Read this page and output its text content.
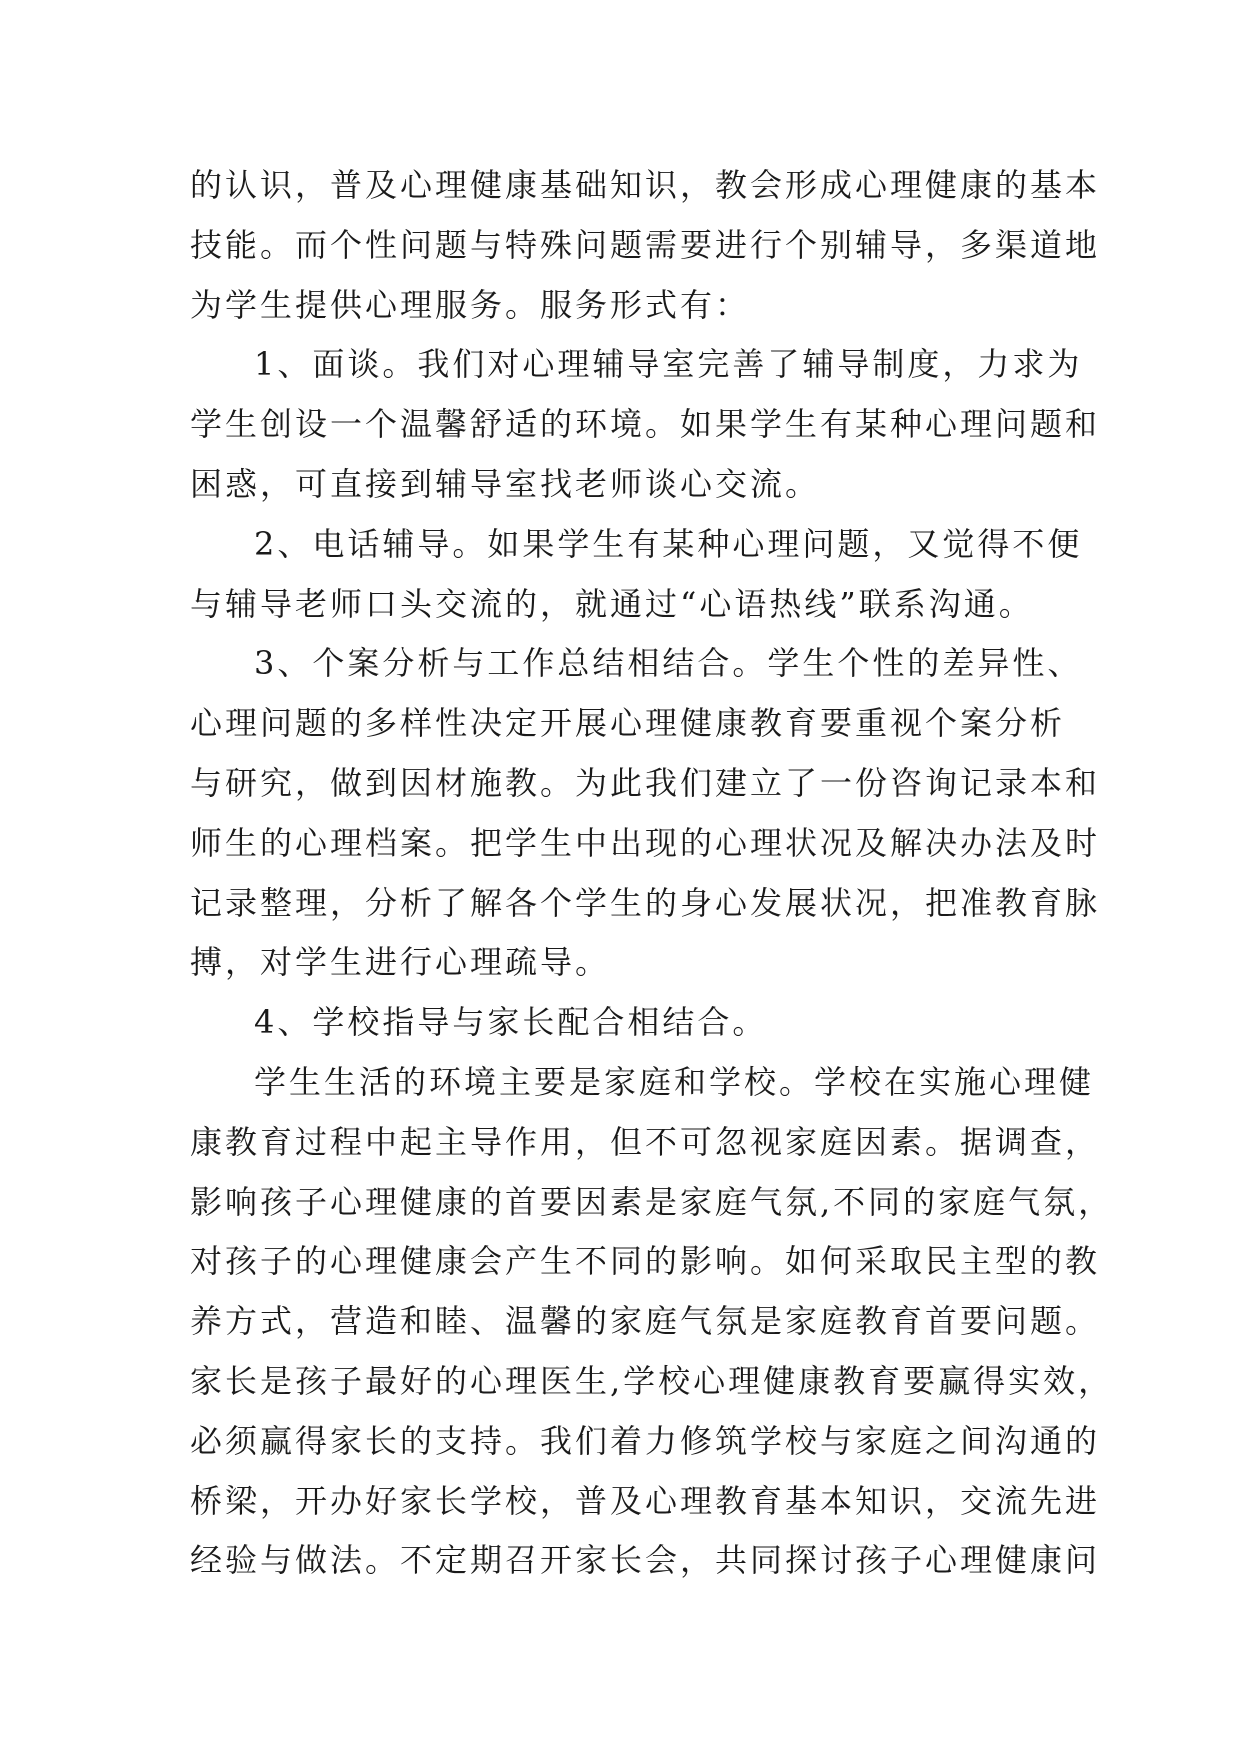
的认识，普及心理健康基础知识，教会形成心理健康的基本
技能。而个性问题与特殊问题需要进行个别辅导，多渠道地
为学生提供心理服务。服务形式有：
1、面谈。我们对心理辅导室完善了辅导制度，力求为
学生创设一个温馨舒适的环境。如果学生有某种心理问题和
困惑，可直接到辅导室找老师谈心交流。
2、电话辅导。如果学生有某种心理问题，又觉得不便
与辅导老师口头交流的，就通过“心语热线”联系沟通。
3、个案分析与工作总结相结合。学生个性的差异性、
心理问题的多样性决定开展心理健康教育要重视个案分析
与研究，做到因材施教。为此我们建立了一份咨询记录本和
师生的心理档案。把学生中出现的心理状况及解决办法及时
记录整理，分析了解各个学生的身心发展状况，把准教育脉
搏，对学生进行心理疏导。
4、学校指导与家长配合相结合。
学生生活的环境主要是家庭和学校。学校在实施心理健
康教育过程中起主导作用，但不可忽视家庭因素。据调查，
影响孩子心理健康的首要因素是家庭气氛,不同的家庭气氛，
对孩子的心理健康会产生不同的影响。如何采取民主型的教
养方式，营造和睦、温馨的家庭气氛是家庭教育首要问题。
家长是孩子最好的心理医生,学校心理健康教育要赢得实效，
必须赢得家长的支持。我们着力修筑学校与家庭之间沟通的
桥梁，开办好家长学校，普及心理教育基本知识，交流先进
经验与做法。不定期召开家长会，共同探讨孩子心理健康问
